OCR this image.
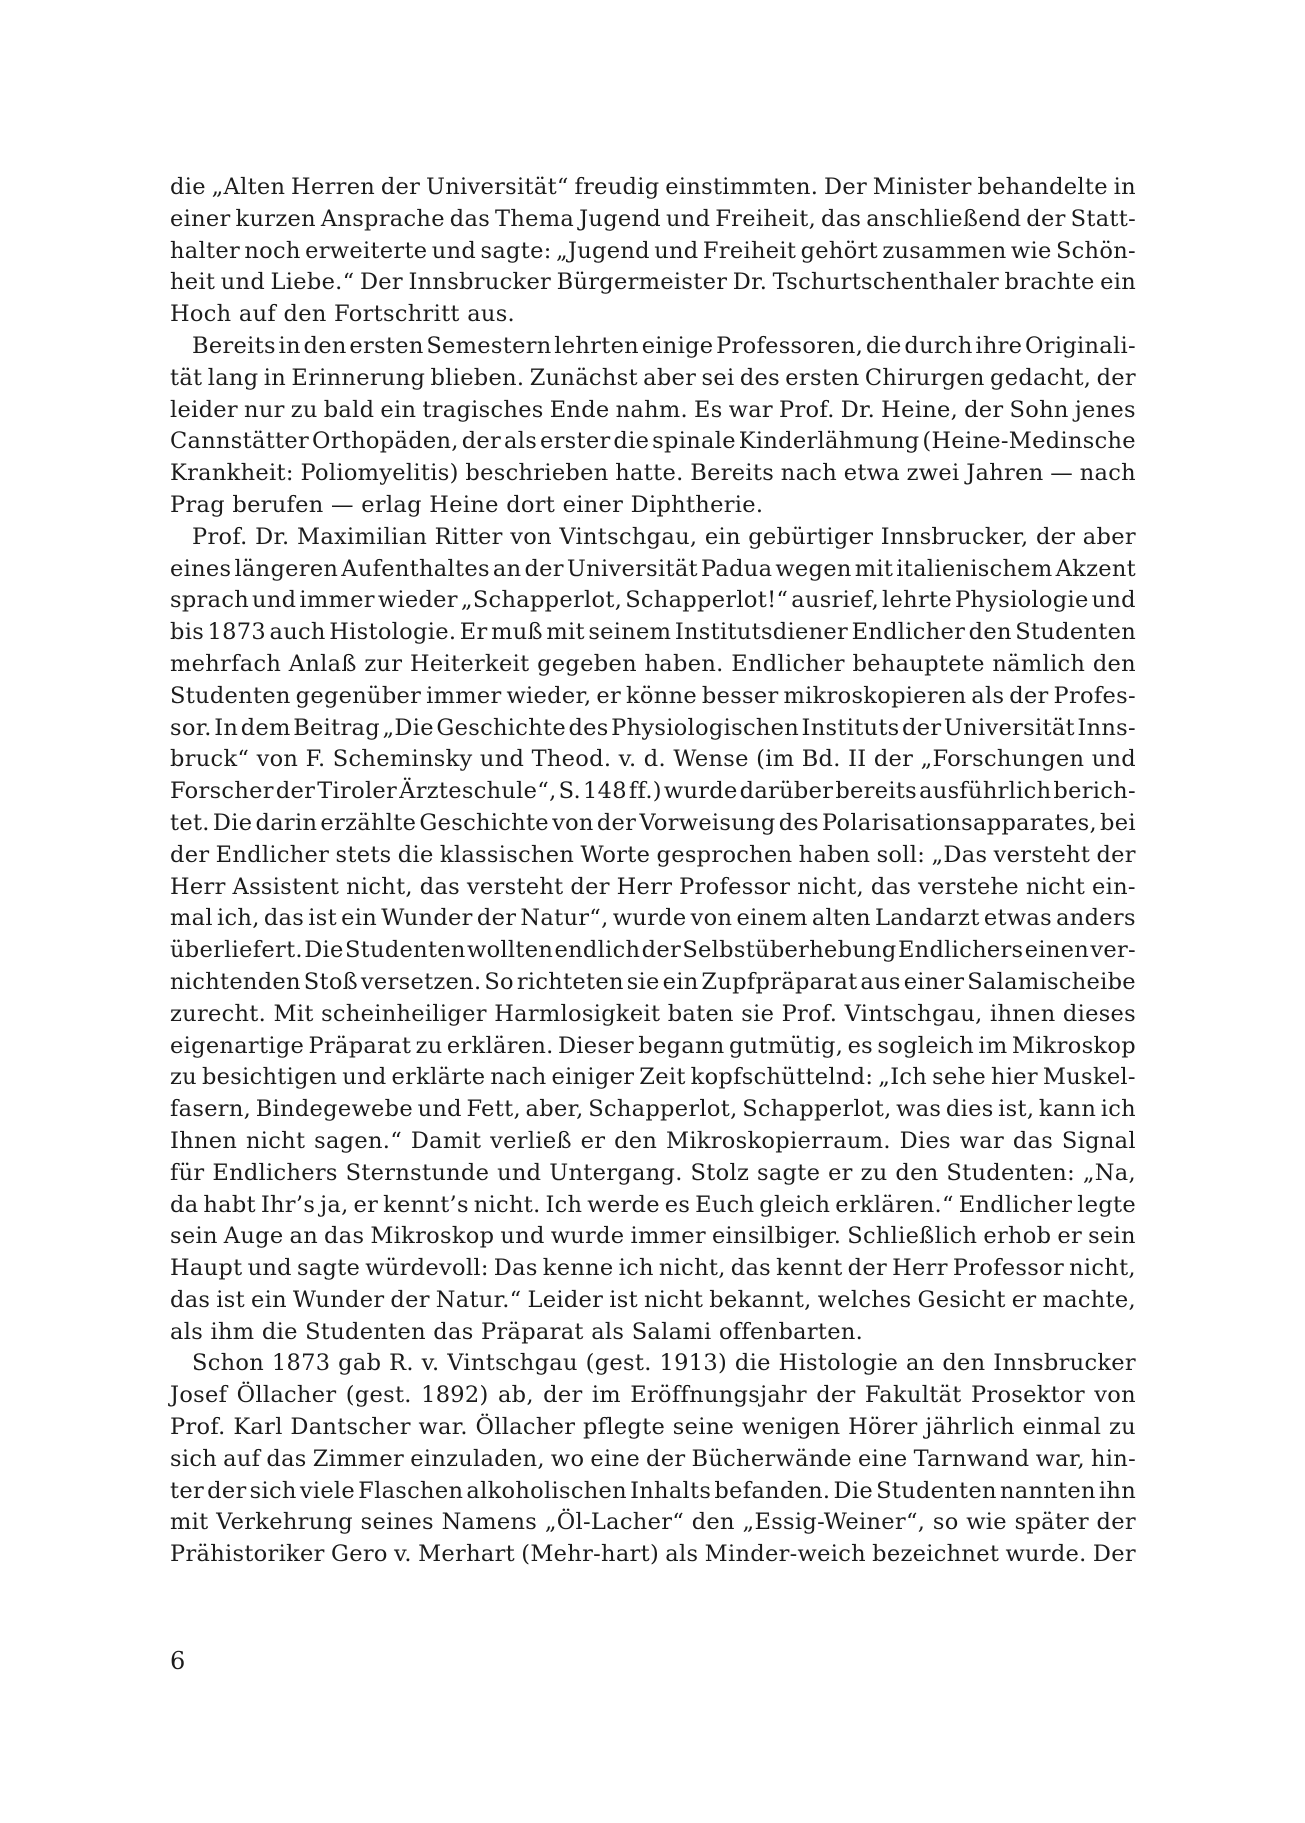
die „Alten Herren der Universität“ freudig einstimmten. Der Minister behandelte in
einer kurzen Ansprache das Thema Jugend und Freiheit, das anschließend der Statt-
halter noch erweiterte und sagte: „Jugend und Freiheit gehört zusammen wie Schön-
heit und Liebe.“ Der Innsbrucker Bürgermeister Dr. Tschurtschenthaler brachte ein
Hoch auf den Fortschritt aus.
Bereits in den ersten Semestern lehrten einige Professoren, die durch ihre Originali-
tät lang in Erinnerung blieben. Zunächst aber sei des ersten Chirurgen gedacht, der
leider nur zu bald ein tragisches Ende nahm. Es war Prof. Dr. Heine, der Sohn jenes
Cannstätter Orthopäden, der als erster die spinale Kinderlähmung (Heine-Medinsche
Krankheit: Poliomyelitis) beschrieben hatte. Bereits nach etwa zwei Jahren — nach
Prag berufen — erlag Heine dort einer Diphtherie.
Prof. Dr. Maximilian Ritter von Vintschgau, ein gebürtiger Innsbrucker, der aber
eines längeren Aufenthaltes an der Universität Padua wegen mit italienischem Akzent
sprach und immer wieder „Schapperlot, Schapperlot!“ ausrief, lehrte Physiologie und
bis 1873 auch Histologie. Er muß mit seinem Institutsdiener Endlicher den Studenten
mehrfach Anlaß zur Heiterkeit gegeben haben. Endlicher behauptete nämlich den
Studenten gegenüber immer wieder, er könne besser mikroskopieren als der Profes-
sor. In dem Beitrag „Die Geschichte des Physiologischen Instituts der Universität Inns-
bruck“ von F. Scheminsky und Theod. v. d. Wense (im Bd. II der „Forschungen und
Forscher der Tiroler Ärzteschule“, S. 148 ff.) wurde darüber bereits ausführlich berich-
tet. Die darin erzählte Geschichte von der Vorweisung des Polarisationsapparates, bei
der Endlicher stets die klassischen Worte gesprochen haben soll: „Das versteht der
Herr Assistent nicht, das versteht der Herr Professor nicht, das verstehe nicht ein-
mal ich, das ist ein Wunder der Natur“, wurde von einem alten Landarzt etwas anders
überliefert. Die Studenten wollten endlich der Selbstüberhebung Endlichers einen ver-
nichtenden Stoß versetzen. So richteten sie ein Zupfpräparat aus einer Salamischeibe
zurecht. Mit scheinheiliger Harmlosigkeit baten sie Prof. Vintschgau, ihnen dieses
eigenartige Präparat zu erklären. Dieser begann gutmütig, es sogleich im Mikroskop
zu besichtigen und erklärte nach einiger Zeit kopfschüttelnd: „Ich sehe hier Muskel-
fasern, Bindegewebe und Fett, aber, Schapperlot, Schapperlot, was dies ist, kann ich
Ihnen nicht sagen.“ Damit verließ er den Mikroskopierraum. Dies war das Signal
für Endlichers Sternstunde und Untergang. Stolz sagte er zu den Studenten: „Na,
da habt Ihr’s ja, er kennt’s nicht. Ich werde es Euch gleich erklären.“ Endlicher legte
sein Auge an das Mikroskop und wurde immer einsilbiger. Schließlich erhob er sein
Haupt und sagte würdevoll: Das kenne ich nicht, das kennt der Herr Professor nicht,
das ist ein Wunder der Natur.“ Leider ist nicht bekannt, welches Gesicht er machte,
als ihm die Studenten das Präparat als Salami offenbarten.
Schon 1873 gab R. v. Vintschgau (gest. 1913) die Histologie an den Innsbrucker
Josef Öllacher (gest. 1892) ab, der im Eröffnungsjahr der Fakultät Prosektor von
Prof. Karl Dantscher war. Öllacher pflegte seine wenigen Hörer jährlich einmal zu
sich auf das Zimmer einzuladen, wo eine der Bücherwände eine Tarnwand war, hin-
ter der sich viele Flaschen alkoholischen Inhalts befanden. Die Studenten nannten ihn
mit Verkehrung seines Namens „Öl-Lacher“ den „Essig-Weiner“, so wie später der
Prähistoriker Gero v. Merhart (Mehr-hart) als Minder-weich bezeichnet wurde. Der
6
